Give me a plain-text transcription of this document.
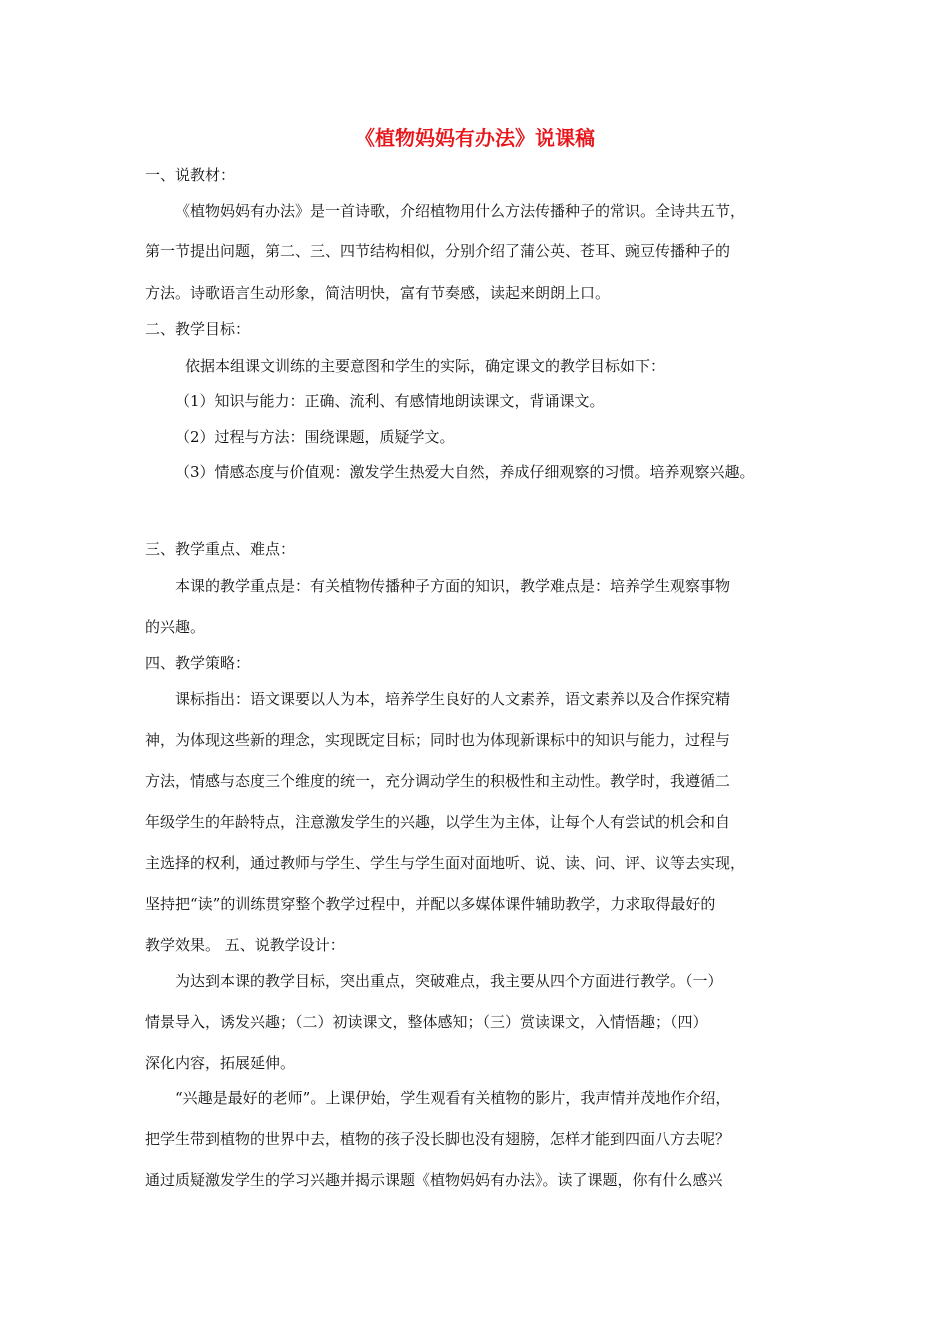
《植物妈妈有办法》说课稿
一、说教材：
《植物妈妈有办法》是一首诗歌，介绍植物用什么方法传播种子的常识。全诗共五节，
第一节提出问题，第二、三、四节结构相似，分别介绍了蒲公英、苍耳、豌豆传播种子的
方法。诗歌语言生动形象，简洁明快，富有节奏感，读起来朗朗上口。
二、教学目标：
依据本组课文训练的主要意图和学生的实际，确定课文的教学目标如下：
（1）知识与能力：正确、流利、有感情地朗读课文，背诵课文。
（2）过程与方法：围绕课题，质疑学文。
（3）情感态度与价值观：激发学生热爱大自然，养成仔细观察的习惯。培养观察兴趣。
三、教学重点、难点：
本课的教学重点是：有关植物传播种子方面的知识，教学难点是：培养学生观察事物
的兴趣。
四、教学策略：
课标指出：语文课要以人为本，培养学生良好的人文素养，语文素养以及合作探究精
神，为体现这些新的理念，实现既定目标；同时也为体现新课标中的知识与能力，过程与
方法，情感与态度三个维度的统一，充分调动学生的积极性和主动性。教学时，我遵循二
年级学生的年龄特点，注意激发学生的兴趣，以学生为主体，让每个人有尝试的机会和自
主选择的权利，通过教师与学生、学生与学生面对面地听、说、读、问、评、议等去实现，
坚持把“读”的训练贯穿整个教学过程中，并配以多媒体课件辅助教学，力求取得最好的
教学效果。 五、说教学设计：
为达到本课的教学目标，突出重点，突破难点，我主要从四个方面进行教学。（一）
情景导入，诱发兴趣；（二）初读课文，整体感知；（三）赏读课文，入情悟趣；（四）
深化内容，拓展延伸。
“兴趣是最好的老师”。上课伊始，学生观看有关植物的影片，我声情并茂地作介绍，
把学生带到植物的世界中去，植物的孩子没长脚也没有翅膀，怎样才能到四面八方去呢？
通过质疑激发学生的学习兴趣并揭示课题《植物妈妈有办法》。读了课题，你有什么感兴
